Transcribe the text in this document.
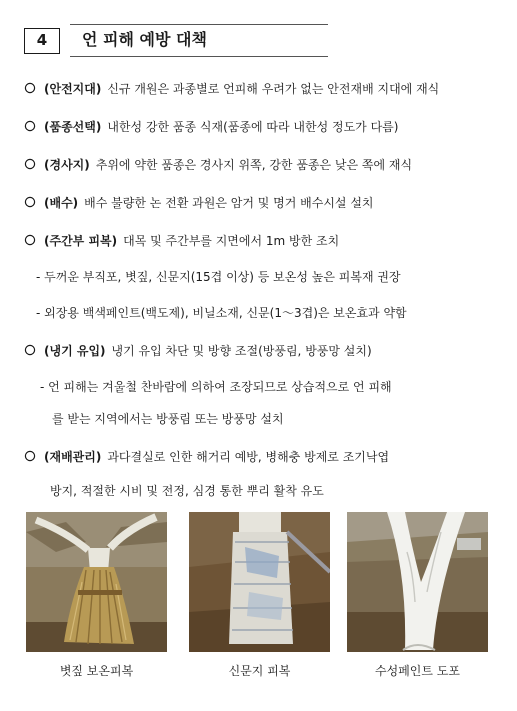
4	언 피해 예방 대책
(안전지대) 신규 개원은 과종별로 언피해 우려가 없는 안전재배 지대에 재식
(품종선택) 내한성 강한 품종 식재(품종에 따라 내한성 정도가 다름)
(경사지) 추위에 약한 품종은 경사지 위쪽, 강한 품종은 낮은 쪽에 재식
(배수) 배수 불량한 논 전환 과원은 암거 및 명거 배수시설 설치
(주간부 피복) 대목 및 주간부를 지면에서 1m 방한 조치
- 두꺼운 부직포, 볏짚, 신문지(15겹 이상) 등 보온성 높은 피복재 권장
- 외장용 백색페인트(백도제), 비닐소재, 신문(1～3겹)은 보온효과 약함
(냉기 유입) 냉기 유입 차단 및 방향 조절(방풍림, 방풍망 설치)
- 언 피해는 겨울철 찬바람에 의하여 조장되므로 상습적으로 언 피해
를 받는 지역에서는 방풍림 또는 방풍망 설치
(재배관리) 과다결실로 인한 해거리 예방, 병해충 방제로 조기낙엽
방지, 적절한 시비 및 전정, 심경 통한 뿌리 활착 유도
볏짚 보온피복	신문지 피복	수성페인트 도포
